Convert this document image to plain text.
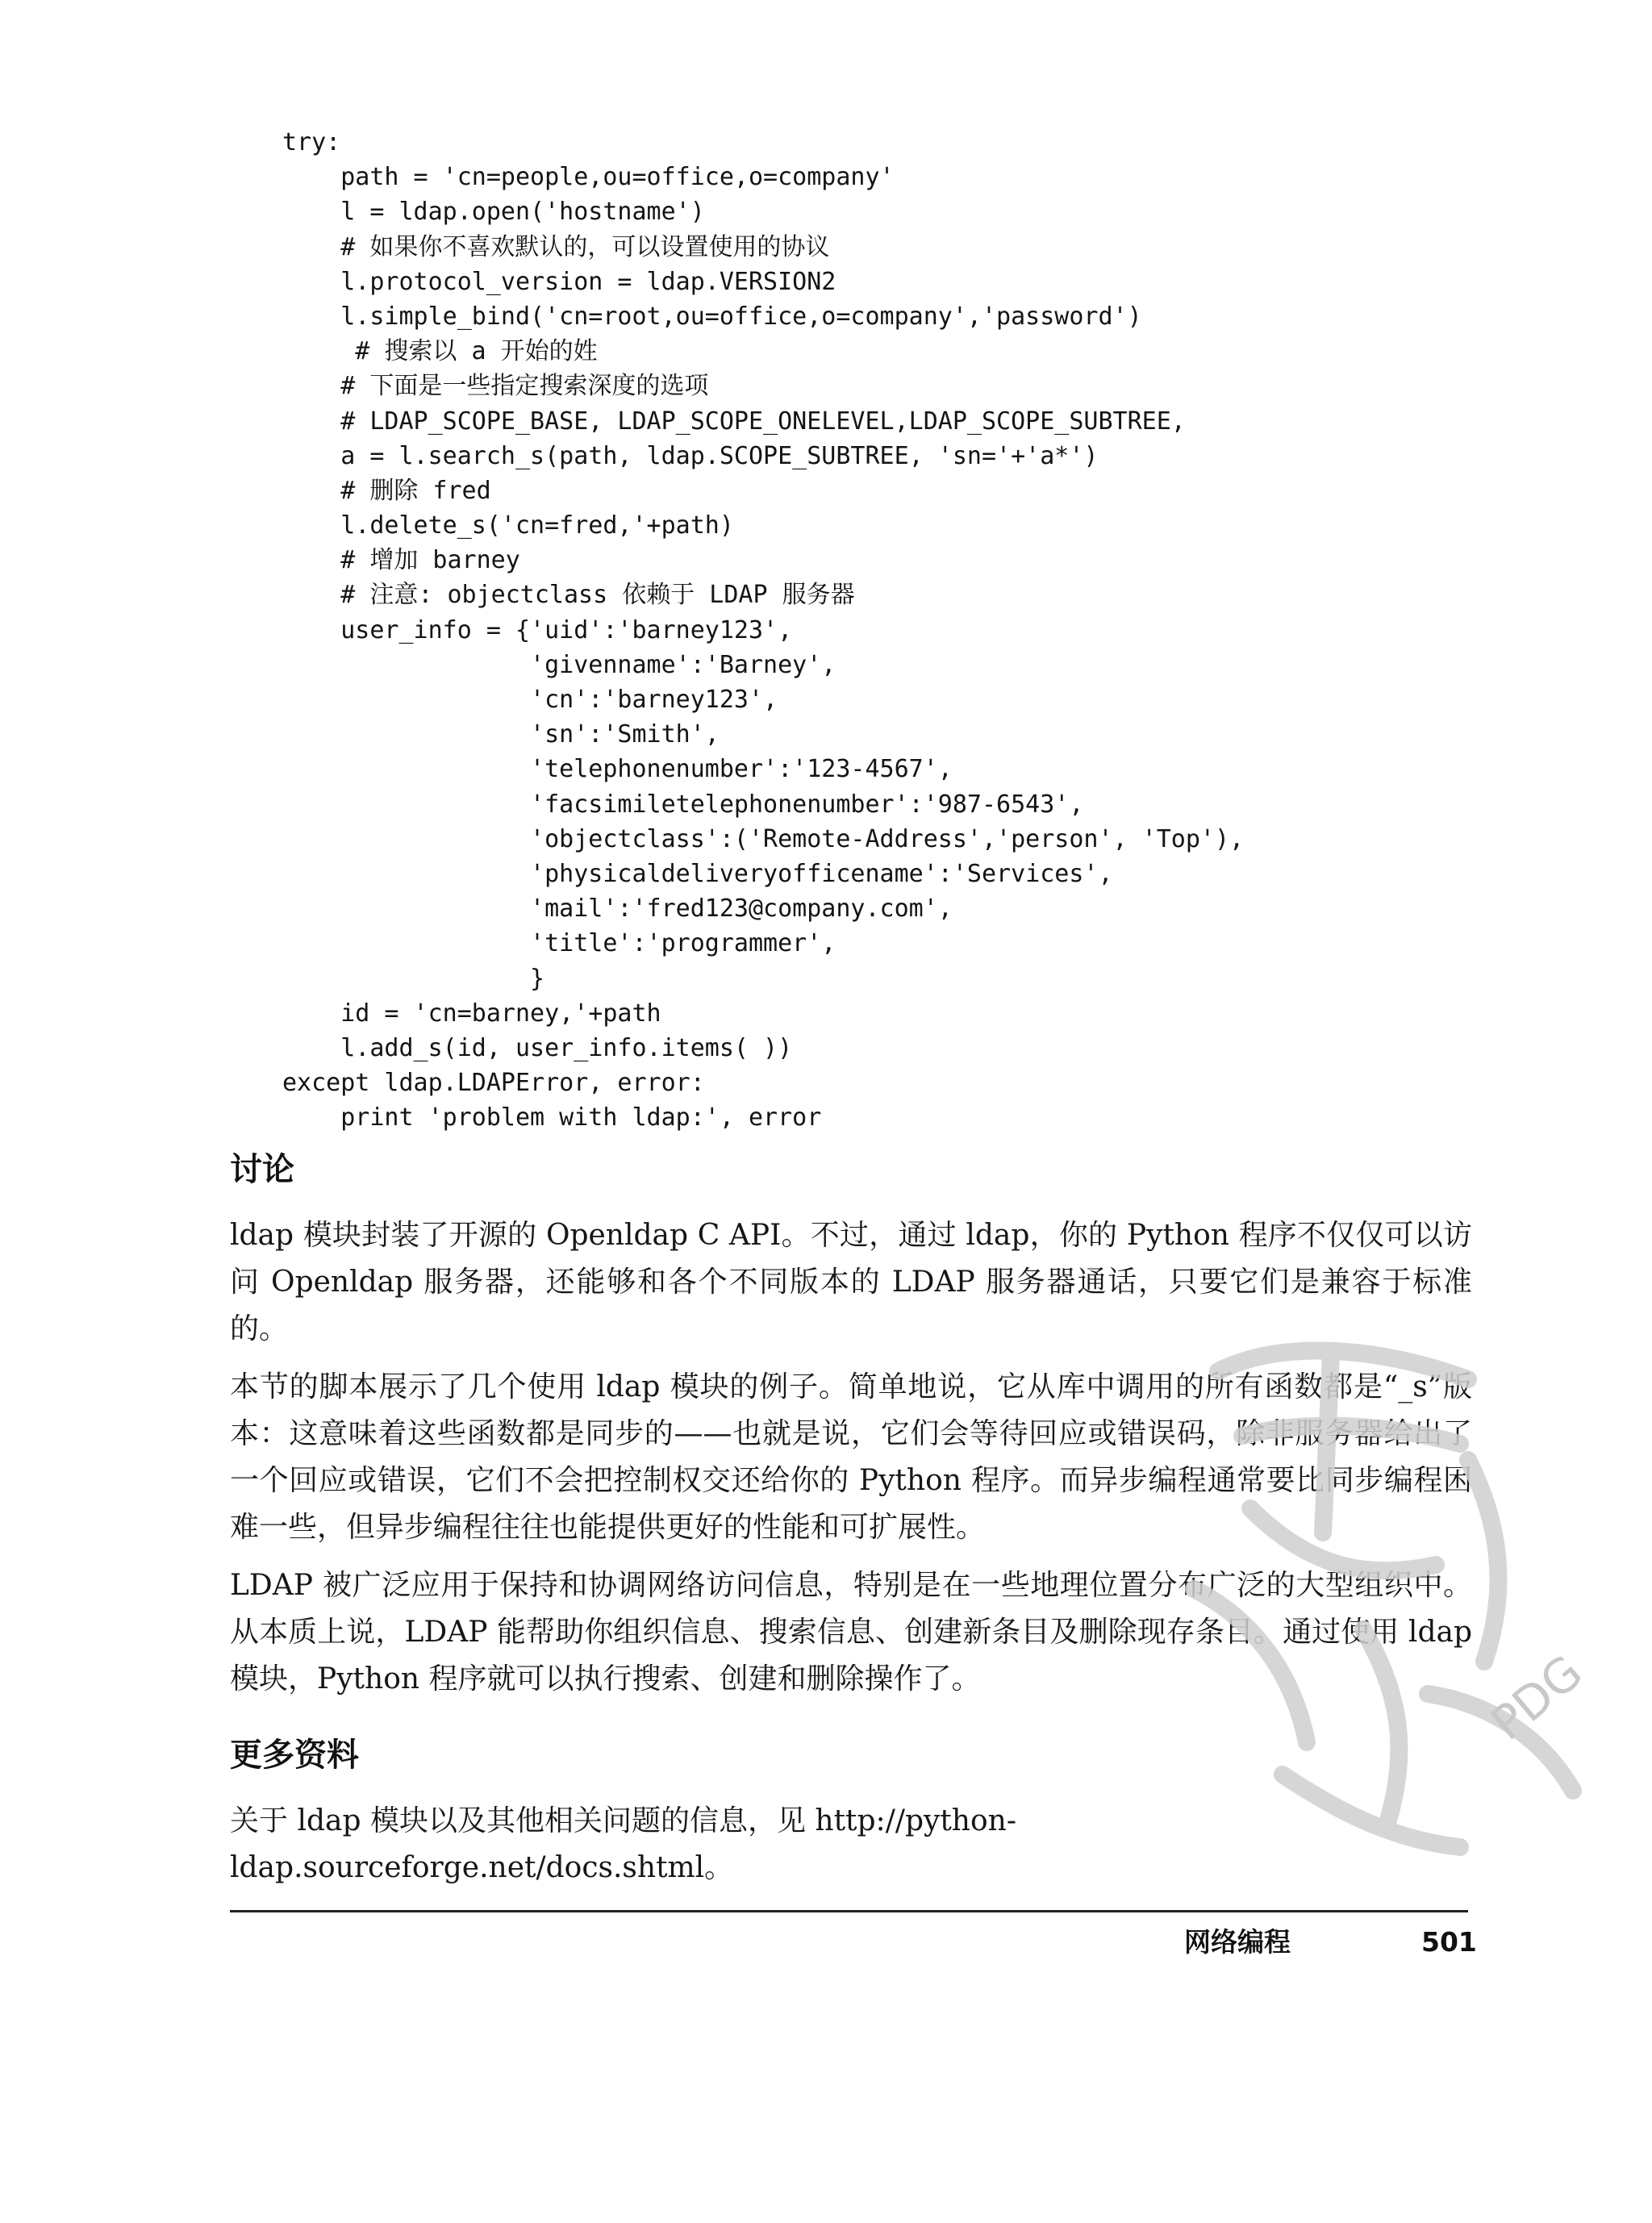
try:
path = 'cn=people,ou=office,o=company'
l = ldap.open('hostname')
# 如果你不喜欢默认的，可以设置使用的协议
l.protocol_version = ldap.VERSION2
l.simple_bind('cn=root,ou=office,o=company','password')
# 搜索以 a 开始的姓
# 下面是一些指定搜索深度的选项
# LDAP_SCOPE_BASE, LDAP_SCOPE_ONELEVEL,LDAP_SCOPE_SUBTREE,
a = l.search_s(path, ldap.SCOPE_SUBTREE, 'sn='+'a*')
# 删除 fred
l.delete_s('cn=fred,'+path)
# 增加 barney
# 注意: objectclass 依赖于 LDAP 服务器
user_info = {'uid':'barney123',
'givenname':'Barney',
'cn':'barney123',
'sn':'Smith',
'telephonenumber':'123-4567',
'facsimiletelephonenumber':'987-6543',
'objectclass':('Remote-Address','person', 'Top'),
'physicaldeliveryofficename':'Services',
'mail':'fred123@company.com',
'title':'programmer',
}
id = 'cn=barney,'+path
l.add_s(id, user_info.items( ))
except ldap.LDAPError, error:
print 'problem with ldap:', error
讨论

ldap 模块封装了开源的 Openldap C API。不过，通过 ldap，你的 Python 程序不仅仅可以访问 Openldap 服务器，还能够和各个不同版本的 LDAP 服务器通话，只要它们是兼容于标准的。

本节的脚本展示了几个使用 ldap 模块的例子。简单地说，它从库中调用的所有函数都是“_s”版本：这意味着这些函数都是同步的——也就是说，它们会等待回应或错误码，除非服务器给出了一个回应或错误，它们不会把控制权交还给你的 Python 程序。而异步编程通常要比同步编程困难一些，但异步编程往往也能提供更好的性能和可扩展性。

LDAP 被广泛应用于保持和协调网络访问信息，特别是在一些地理位置分布广泛的大型组织中。从本质上说，LDAP 能帮助你组织信息、搜索信息、创建新条目及删除现存条目。通过使用 ldap 模块，Python 程序就可以执行搜索、创建和删除操作了。

更多资料

关于 ldap 模块以及其他相关问题的信息，见 http://python-ldap.sourceforge.net/docs.shtml。

网络编程	501
PDG
